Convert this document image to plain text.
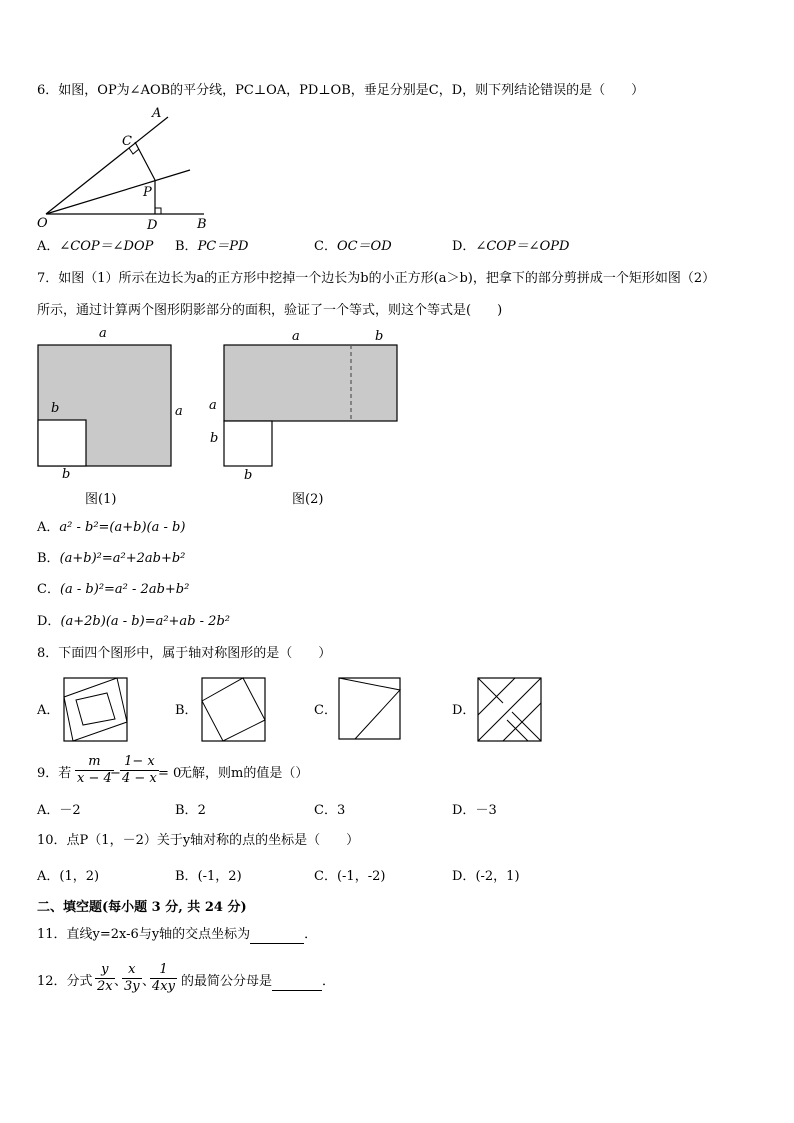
6．如图，OP为∠AOB的平分线，PC⊥OA，PD⊥OB，垂足分别是C，D，则下列结论错误的是（　　）
A
C
P
O	D	B
A．∠COP＝∠DOP B．PC＝PD	C．OC＝OD	D．∠COP＝∠OPD
7．如图（1）所示在边长为a的正方形中挖掉一个边长为b的小正方形(a＞b)，把拿下的部分剪拼成一个矩形如图（2）
所示，通过计算两个图形阴影部分的面积，验证了一个等式，则这个等式是(　　)
a
a
b
b
图(1)
a	b
a
b
b
图(2)
A．a² - b²=(a+b)(a - b)
B．(a+b)²=a²+2ab+b²
C．(a - b)²=a² - 2ab+b²
D．(a+2b)(a - b)=a²+ab - 2b²
8．下面四个图形中，属于轴对称图形的是（　　）
A．	B．	C．	D．
9．若 $\frac{m}{x - 4}$
− $\frac{1- x}{4 - x} = 0$
无解，则m的值是（）
A．－2	B．2	C．3	D．－3
10．点P（1，－2）关于y轴对称的点的坐标是（　　）
A．(1，2)	B．(-1，2)	C．(-1，-2)	D．(-2，1)
二、填空题(每小题 3 分, 共 24 分)
11．直线y=2x-6与y轴的交点坐标为	．
12．分式 $\frac{y}{2x}$ 、
$\frac{x}{3y}$ 、
$\frac{1}{4xy}$ 的最简公分母是	．
